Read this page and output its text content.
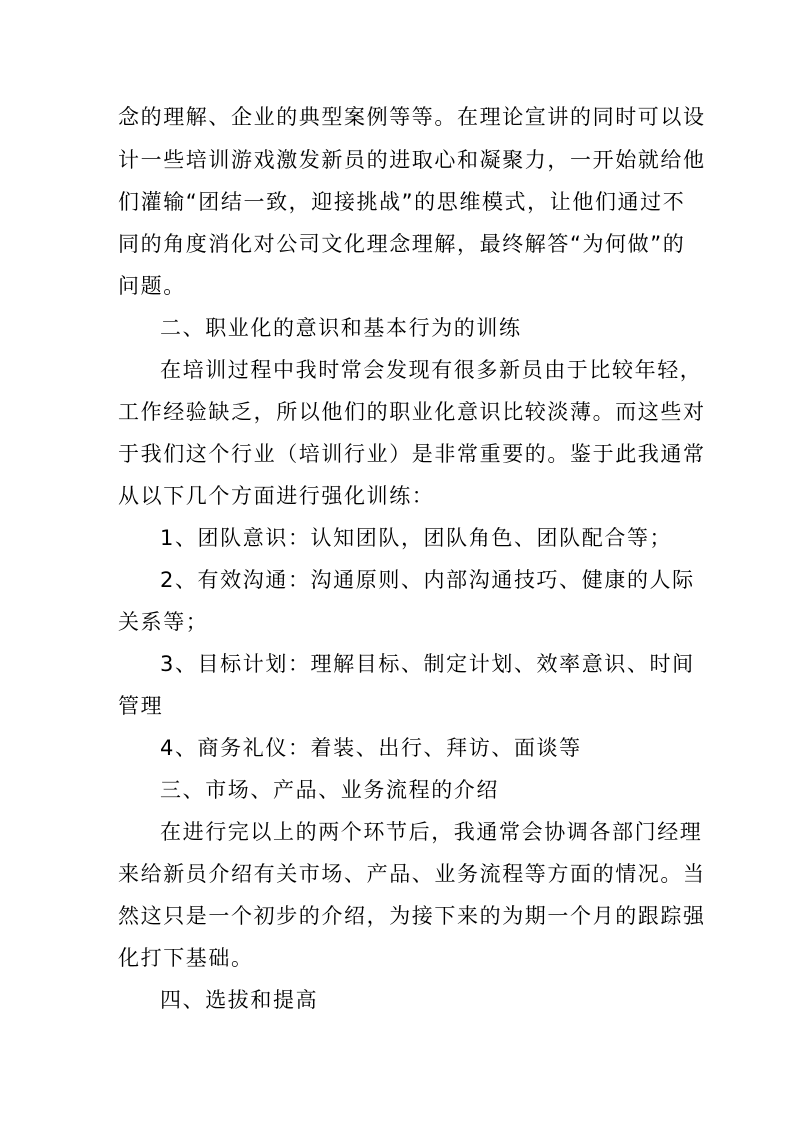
念的理解、企业的典型案例等等。在理论宣讲的同时可以设
计一些培训游戏激发新员的进取心和凝聚力，一开始就给他
们灌输“团结一致，迎接挑战”的思维模式，让他们通过不
同的角度消化对公司文化理念理解，最终解答“为何做”的
问题。
二、职业化的意识和基本行为的训练
在培训过程中我时常会发现有很多新员由于比较年轻，
工作经验缺乏，所以他们的职业化意识比较淡薄。而这些对
于我们这个行业（培训行业）是非常重要的。鉴于此我通常
从以下几个方面进行强化训练：
1、团队意识：认知团队，团队角色、团队配合等；
2、有效沟通：沟通原则、内部沟通技巧、健康的人际
关系等；
3、目标计划：理解目标、制定计划、效率意识、时间
管理
4、商务礼仪：着装、出行、拜访、面谈等
三、市场、产品、业务流程的介绍
在进行完以上的两个环节后，我通常会协调各部门经理
来给新员介绍有关市场、产品、业务流程等方面的情况。当
然这只是一个初步的介绍，为接下来的为期一个月的跟踪强
化打下基础。
四、选拔和提高
